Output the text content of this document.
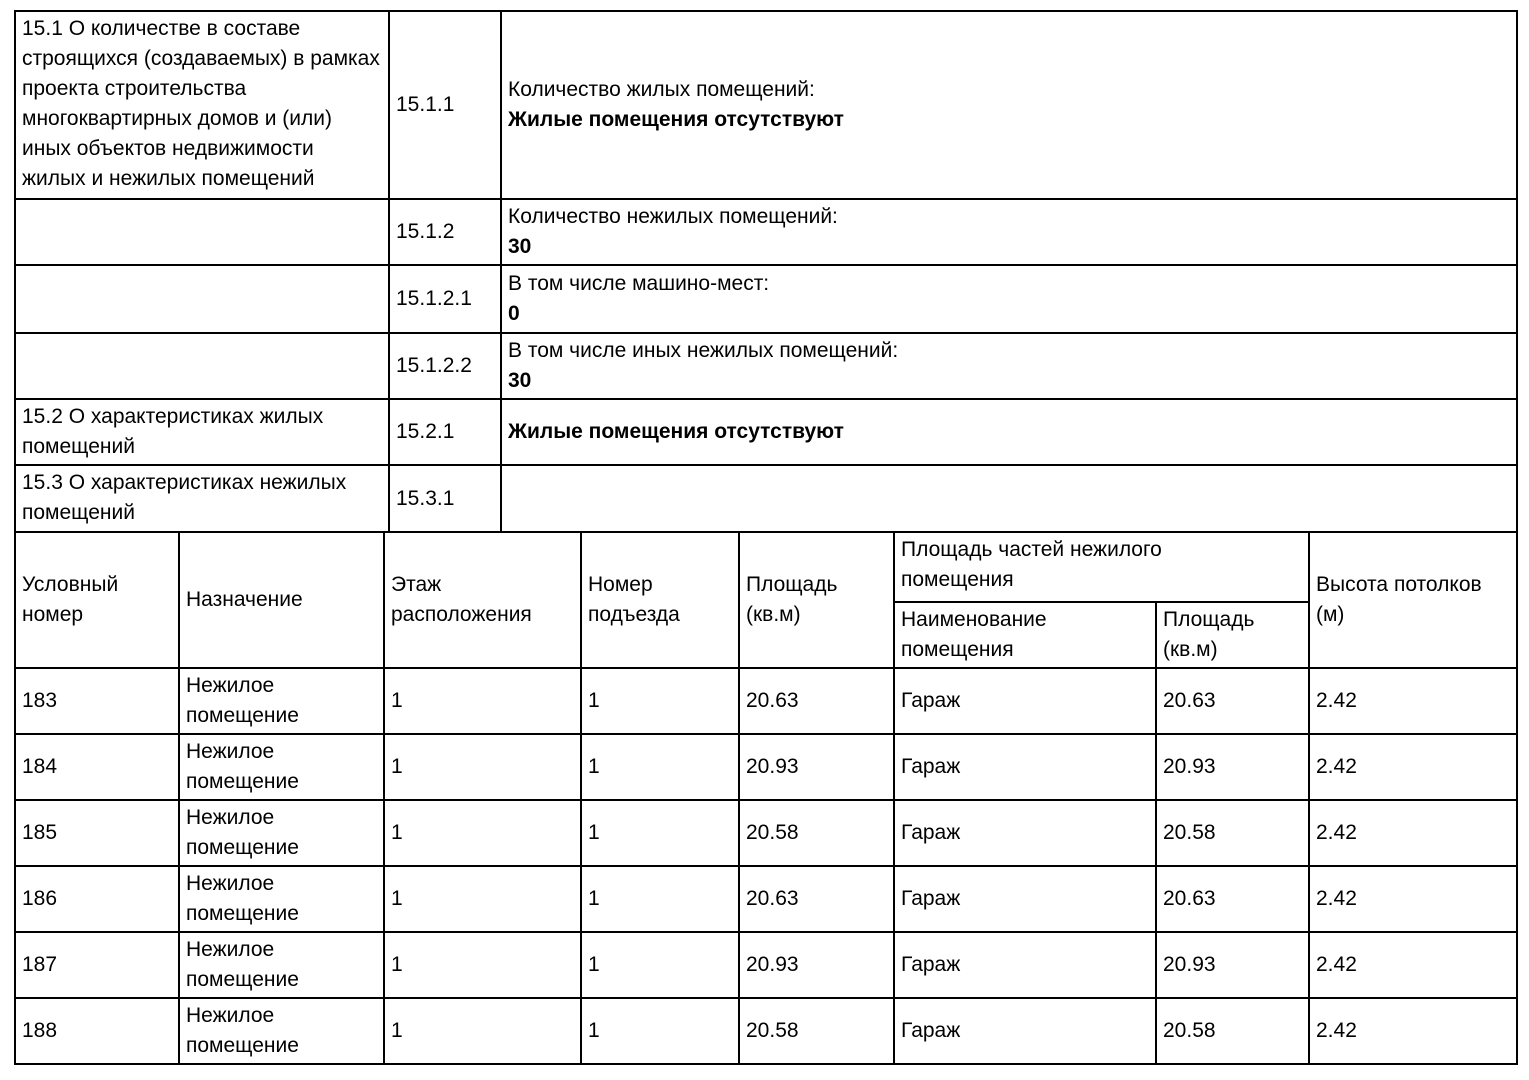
15.1 О количестве в составе строящихся (создаваемых) в рамках проекта строительства многоквартирных домов и (или) иных объектов недвижимости жилых и нежилых помещений	15.1.1	Количество жилых помещений:
Жилые помещения отсутствуют

	15.1.2	Количество нежилых помещений:
30

	15.1.2.1	В том числе машино-мест:
0

	15.1.2.2	В том числе иных нежилых помещений:
30

15.2 О характеристиках жилых помещений	15.2.1	Жилые помещения отсутствуют

15.3 О характеристиках нежилых помещений	15.3.1	
Условный номер	Назначение	Этаж расположения	Номер подъезда	Площадь (кв.м)	Площадь частей нежилого помещения		Высота потолков (м)

					Наименование помещения	Площадь (кв.м)	

183	Нежилое помещение	1	1	20.63	Гараж	20.63	2.42
184	Нежилое помещение	1	1	20.93	Гараж	20.93	2.42
185	Нежилое помещение	1	1	20.58	Гараж	20.58	2.42
186	Нежилое помещение	1	1	20.63	Гараж	20.63	2.42
187	Нежилое помещение	1	1	20.93	Гараж	20.93	2.42
188	Нежилое помещение	1	1	20.58	Гараж	20.58	2.42
